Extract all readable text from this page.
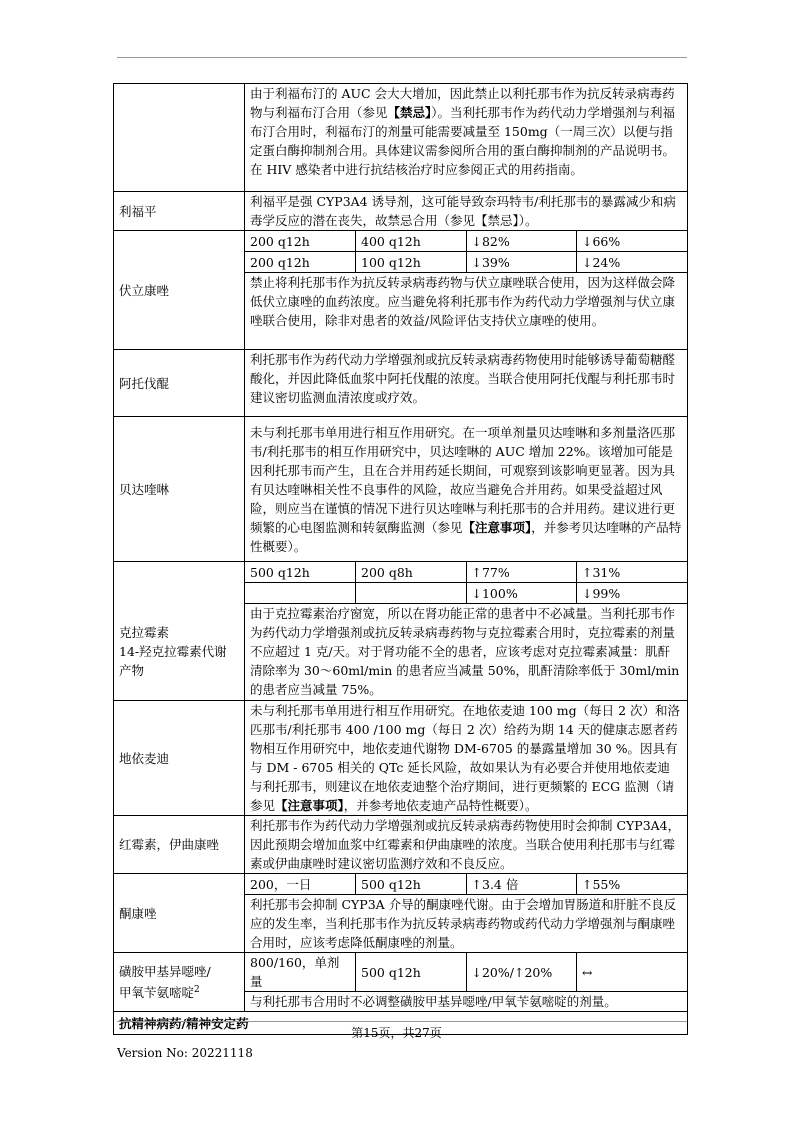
	由于利福布汀的 AUC 会大大增加，因此禁止以利托那韦作为抗反转录病毒药物与利福布汀合用（参见【禁忌】）。当利托那韦作为药代动力学增强剂与利福布汀合用时，利福布汀的剂量可能需要减量至 150mg（一周三次）以便与指定蛋白酶抑制剂合用。具体建议需参阅所合用的蛋白酶抑制剂的产品说明书。在 HIV 感染者中进行抗结核治疗时应参阅正式的用药指南。
利福平	利福平是强 CYP3A4 诱导剂，这可能导致奈玛特韦/利托那韦的暴露减少和病毒学反应的潜在丧失，故禁忌合用（参见【禁忌】）。
伏立康唑	
200 q12h	400 q12h	↓82%	↓66%

200 q12h	100 q12h	↓39%	↓24%

禁止将利托那韦作为抗反转录病毒药物与伏立康唑联合使用，因为这样做会降低伏立康唑的血药浓度。应当避免将利托那韦作为药代动力学增强剂与伏立康唑联合使用，除非对患者的效益/风险评估支持伏立康唑的使用。
阿托伐醌	利托那韦作为药代动力学增强剂或抗反转录病毒药物使用时能够诱导葡萄糖醛酸化，并因此降低血浆中阿托伐醌的浓度。当联合使用阿托伐醌与利托那韦时建议密切监测血清浓度或疗效。
贝达喹啉	未与利托那韦单用进行相互作用研究。在一项单剂量贝达喹啉和多剂量洛匹那韦/利托那韦的相互作用研究中，贝达喹啉的 AUC 增加 22%。该增加可能是因利托那韦而产生，且在合并用药延长期间，可观察到该影响更显著。因为具有贝达喹啉相关性不良事件的风险，故应当避免合并用药。如果受益超过风险，则应当在谨慎的情况下进行贝达喹啉与利托那韦的合并用药。建议进行更频繁的心电图监测和转氨酶监测（参见【注意事项】，并参考贝达喹啉的产品特性概要）。

克拉霉素
14-羟克拉霉素代谢产物

500 q12h	200 q8h	↑77%	↑31%

		↓100%	↓99%

由于克拉霉素治疗窗宽，所以在肾功能正常的患者中不必减量。当利托那韦作为药代动力学增强剂或抗反转录病毒药物与克拉霉素合用时，克拉霉素的剂量不应超过 1 克/天。对于肾功能不全的患者，应该考虑对克拉霉素减量：肌酐清除率为 30～60ml/min 的患者应当减量 50%，肌酐清除率低于 30ml/min 的患者应当减量 75%。
地依麦迪	未与利托那韦单用进行相互作用研究。在地依麦迪 100 mg（每日 2 次）和洛匹那韦/利托那韦 400 /100 mg（每日 2 次）给药为期 14 天的健康志愿者药物相互作用研究中，地依麦迪代谢物 DM-6705 的暴露量增加 30 %。因具有与 DM - 6705 相关的 QTc 延长风险，故如果认为有必要合并使用地依麦迪与利托那韦，则建议在地依麦迪整个治疗期间，进行更频繁的 ECG 监测（请参见【注意事项】，并参考地依麦迪产品特性概要）。
红霉素，伊曲康唑	利托那韦作为药代动力学增强剂或抗反转录病毒药物使用时会抑制 CYP3A4，因此预期会增加血浆中红霉素和伊曲康唑的浓度。当联合使用利托那韦与红霉素或伊曲康唑时建议密切监测疗效和不良反应。
酮康唑	
200，一日	500 q12h	↑3.4 倍	↑55%

利托那韦会抑制 CYP3A 介导的酮康唑代谢。由于会增加胃肠道和肝脏不良反应的发生率，当利托那韦作为抗反转录病毒药物或药代动力学增强剂与酮康唑合用时，应该考虑降低酮康唑的剂量。

磺胺甲基异噁唑/
甲氧苄氨嘧啶$^2$

800/160，单剂量	500 q12h	↓20%/↑20%	↔

与利托那韦合用时不必调整磺胺甲基异噁唑/甲氧苄氨嘧啶的剂量。
抗精神病药/精神安定药
第15页，共27页
Version No: 20221118
